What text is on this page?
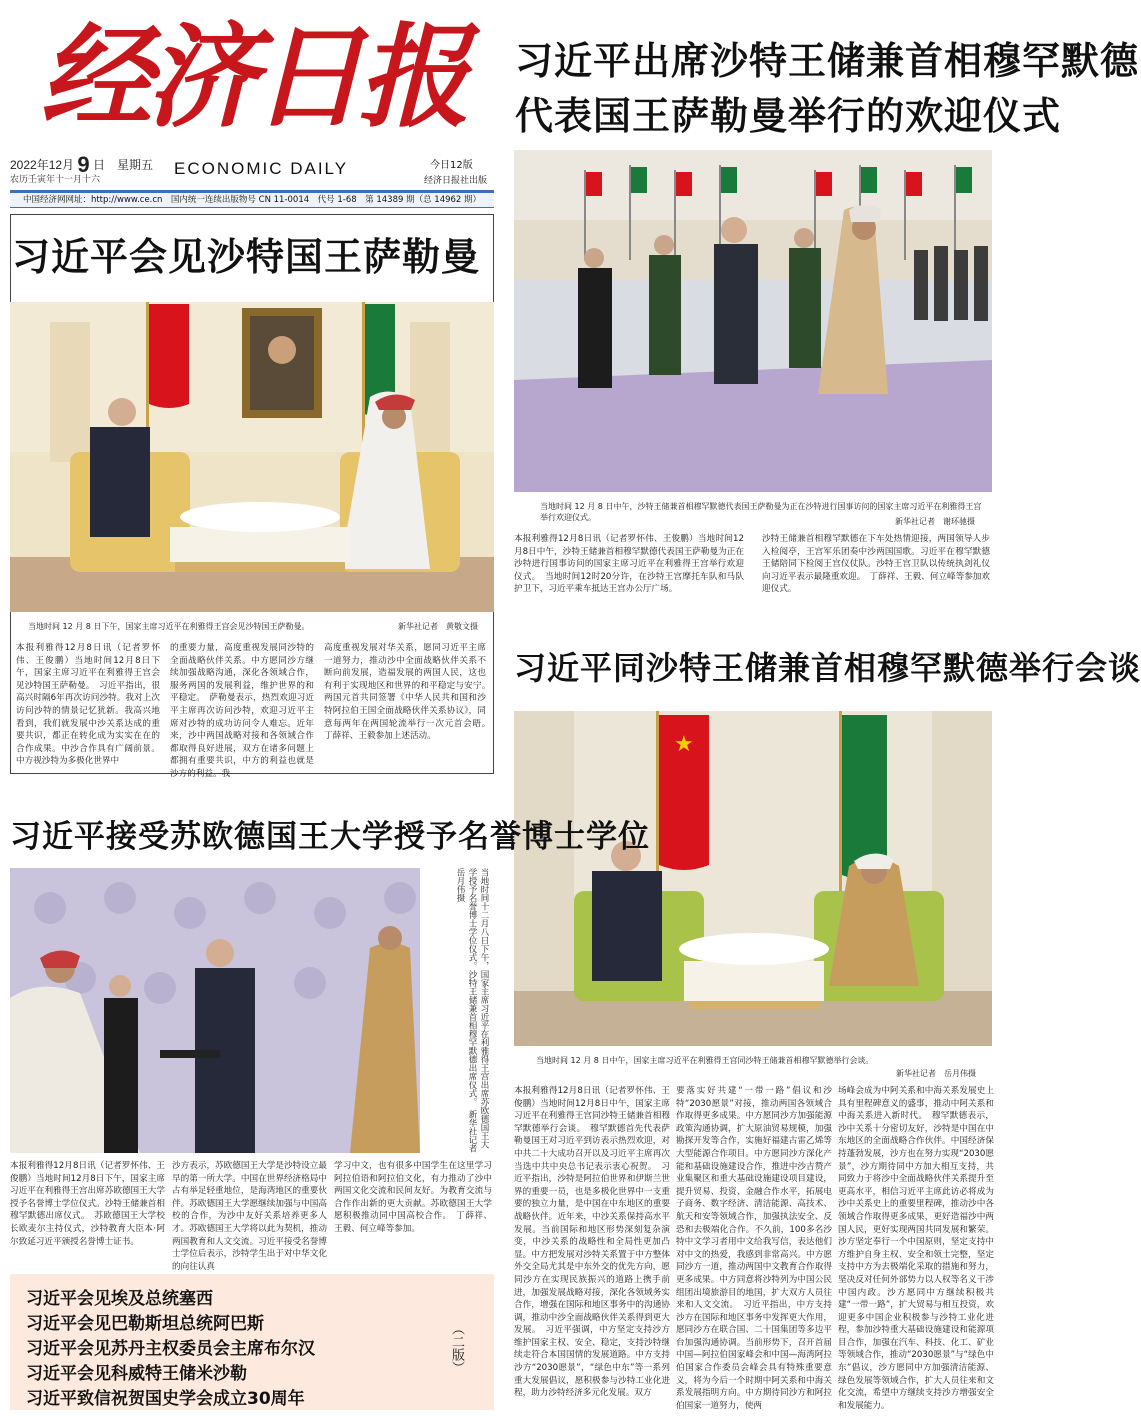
经济日报
2022年12月 9 日　 星期五
农历壬寅年十一月十六
ECONOMIC DAILY	今日12版
经济日报社出版
中国经济网网址：http://www.ce.cn　国内统一连续出版物号 CN 11-0014　代号 1-68　第 14389 期（总 14962 期）
习近平出席沙特王储兼首相穆罕默德
代表国王萨勒曼举行的欢迎仪式
当地时间 12 月 8 日中午，沙特王储兼首相穆罕默德代表国王萨勒曼为正在沙特进行国事访问的国家主席习近平在利雅得王宫举行欢迎仪式。	新华社记者　谢环驰摄
本报利雅得12月8日讯（记者罗怀伟、王俊鹏）当地时间12月8日中午，沙特王储兼首相穆罕默德代表国王萨勒曼为正在沙特进行国事访问的国家主席习近平在利雅得王宫举行欢迎仪式。　当地时间12时20分许，在沙特王宫摩托车队和马队护卫下，习近平乘车抵达王宫办公厅广场。
沙特王储兼首相穆罕默德在下车处热情迎接，两国领导人步入检阅亭，王宫军乐团奏中沙两国国歌。习近平在穆罕默德王储陪同下检阅王宫仪仗队。沙特王宫卫队以传统执剑礼仪向习近平表示最隆重欢迎。　丁薛祥、王毅、何立峰等参加欢迎仪式。
习近平会见沙特国王萨勒曼
当地时间 12 月 8 日下午，国家主席习近平在利雅得王宫会见沙特国王萨勒曼。	新华社记者　黄敬文摄
本报利雅得12月8日讯（记者罗怀伟、王俊鹏）当地时间12月8日下午，国家主席习近平在利雅得王宫会见沙特国王萨勒曼。　习近平指出，很高兴时隔6年再次访问沙特。我对上次访问沙特的情景记忆犹新。我高兴地看到，我们就发展中沙关系达成的重要共识，都正在转化成为实实在在的合作成果。中沙合作具有广阔前景。中方视沙特为多极化世界中
的重要力量，高度重视发展同沙特的全面战略伙伴关系。中方愿同沙方继续加强战略沟通，深化各领域合作，服务两国的发展利益，维护世界的和平稳定。　萨勒曼表示，热烈欢迎习近平主席再次访问沙特，欢迎习近平主席对沙特的成功访问令人难忘。近年来，沙中两国战略对接和各领域合作都取得良好进展，双方在诸多问题上都拥有重要共识，中方的利益也就是沙方的利益。我
高度重视发展对华关系，愿同习近平主席一道努力，推动沙中全面战略伙伴关系不断向前发展，造福发展的两国人民，这也有利于实现地区和世界的和平稳定与安宁。　两国元首共同签署《中华人民共和国和沙特阿拉伯王国全面战略伙伴关系协议》，同意每两年在两国轮流举行一次元首会晤。　丁薛祥、王毅参加上述活动。
习近平同沙特王储兼首相穆罕默德举行会谈
★
当地时间 12 月 8 日中午，国家主席习近平在利雅得王宫同沙特王储兼首相穆罕默德举行会谈。
新华社记者　岳月伟摄
本报利雅得12月8日讯（记者罗怀伟、王俊鹏）当地时间12月8日中午，国家主席习近平在利雅得王宫同沙特王储兼首相穆罕默德举行会谈。　穆罕默德首先代表萨勒曼国王对习近平到访表示热烈欢迎，对中共二十大成功召开以及习近平主席再次当选中共中央总书记表示衷心祝贺。　习近平指出，沙特是阿拉伯世界和伊斯兰世界的重要一员，也是多极化世界中一支重要的独立力量，是中国在中东地区的重要战略伙伴。近年来，中沙关系保持高水平发展。当前国际和地区形势深刻复杂演变，中沙关系的战略性和全局性更加凸显。中方把发展对沙特关系置于中方整体外交全局尤其是中东外交的优先方向，愿同沙方在实现民族振兴的道路上携手前进，加强发展战略对接，深化各领域务实合作，增强在国际和地区事务中的沟通协调，推动中沙全面战略伙伴关系得到更大发展。　习近平强调，中方坚定支持沙方维护国家主权、安全、稳定，支持沙特继续走符合本国国情的发展道路。中方支持沙方“2030愿景”，“绿色中东”等一系列重大发展倡议，愿积极参与沙特工业化进程，助力沙特经济多元化发展。双方
要落实好共建“一带一路”倡议和沙特“2030愿景”对接，推动两国各领域合作取得更多成果。中方愿同沙方加强能源政策沟通协调，扩大原油贸易规模，加强勘探开发等合作，实施好福建古雷乙烯等大型能源合作项目。中方愿同沙方深化产能和基础设施建设合作，推进中沙吉赞产业集聚区和重大基础设施建设项目建设，提升贸易、投资、金融合作水平，拓展电子商务、数字经济、清洁能源、高技术、航天和安等领域合作，加强执法安全、反恐和去极端化合作。不久前，100多名沙特中文学习者用中文给我写信，表达他们对中文的热爱，我感到非常高兴。中方愿同沙方一道，推动两国中文教育合作取得更多成果。中方同意将沙特列为中国公民组团出境旅游目的地国，扩大双方人员往来和人文交流。　习近平指出，中方支持沙方在国际和地区事务中发挥更大作用，愿同沙方在联合国、二十国集团等多边平台加强沟通协调。当前形势下，召开首届中国—阿拉伯国家峰会和中国—海湾阿拉伯国家合作委员会峰会具有特殊重要意义，将为今后一个时期中阿关系和中海关系发展指明方向。中方期待同沙方和阿拉伯国家一道努力，使两
场峰会成为中阿关系和中海关系发展史上具有里程碑意义的盛事，推动中阿关系和中海关系进入新时代。　穆罕默德表示，沙中关系十分密切友好，沙特是中国在中东地区的全面战略合作伙伴。中国经济保持蓬勃发展，沙方也在努力实现“2030愿景”，沙方期待同中方加大相互支持，共同致力于将沙中全面战略伙伴关系提升至更高水平，相信习近平主席此访必将成为沙中关系史上的重要里程碑，推动沙中各领域合作取得更多成果，更好造福沙中两国人民，更好实现两国共同发展和繁荣。沙方坚定奉行一个中国原则，坚定支持中方维护自身主权、安全和领土完整，坚定支持中方为去极端化采取的措施和努力，坚决反对任何外部势力以人权等名义干涉中国内政。沙方愿同中方继续积极共建“一带一路”，扩大贸易与相互投资，欢迎更多中国企业积极参与沙特工业化进程，参加沙特重大基础设施建设和能源项目合作，加强在汽车、科技、化工、矿业等领域合作，推动“2030愿景”与“绿色中东”倡议，沙方愿同中方加强清洁能源、绿色发展等领域合作，扩大人员往来和文化交流，希望中方继续支持沙方增强安全和发展能力。
习近平接受苏欧德国王大学授予名誉博士学位
当地时间十二月八日下午，国家主席习近平在利雅得王宫出席苏欧德国王大学授予名誉博士学位仪式。沙特王储兼首相穆罕默德出席仪式。　新华社记者　岳月伟摄
本报利雅得12月8日讯（记者罗怀伟、王俊鹏）当地时间12月8日下午，国家主席习近平在利雅得王宫出席苏欧德国王大学授予名誉博士学位仪式。沙特王储兼首相穆罕默德出席仪式。　苏欧德国王大学校长欧麦尔主持仪式，沙特教育大臣本·阿尔致延习近平颁授名誉博士证书。
沙方表示，苏欧德国王大学是沙特设立最早的第一所大学。中国在世界经济格局中占有举足轻重地位，是海湾地区的重要伙伴。苏欧德国王大学愿继续加强与中国高校的合作，为沙中友好关系培养更多人才。苏欧德国王大学将以此为契机，推动两国教育和人文交流。习近平接受名誉博士学位后表示，沙特学生出于对中华文化的向往认真
学习中文，也有很多中国学生在这里学习阿拉伯语和阿拉伯文化，有力推动了沙中两国文化交流和民间友好。为教育交流与合作作出新的更大贡献。苏欧德国王大学愿积极推动同中国高校合作。　丁薛祥、王毅、何立峰等参加。
习近平会见埃及总统塞西
习近平会见巴勒斯坦总统阿巴斯
习近平会见苏丹主权委员会主席布尔汉
习近平会见科威特王储米沙勒
习近平致信祝贺国史学会成立30周年
（二版）
